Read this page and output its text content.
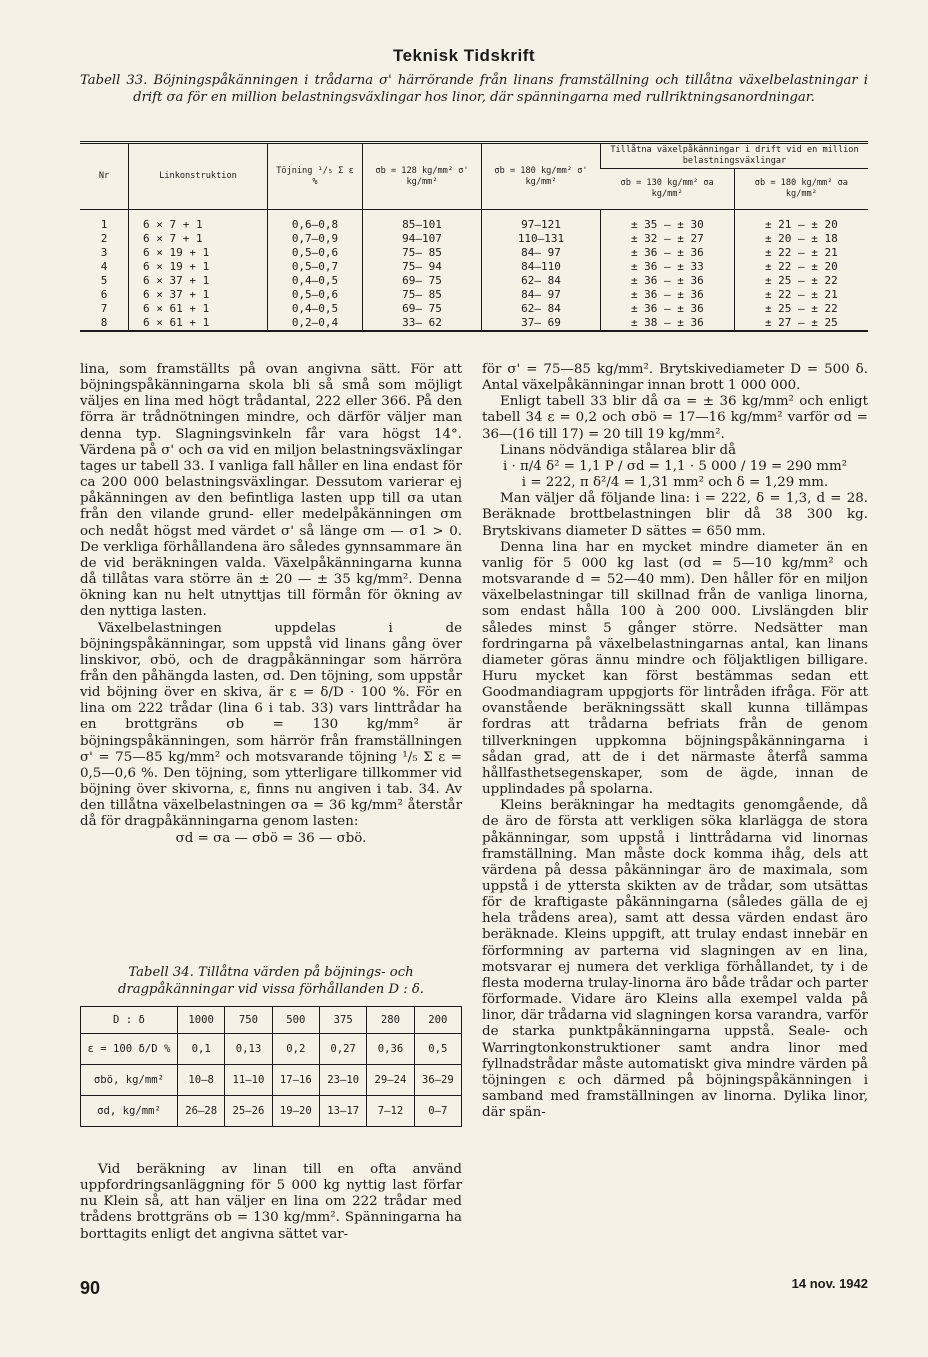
Teknisk Tidskrift
Tabell 33. Böjningspåkänningen i trådarna σ' härrörande från linans framställning och tillåtna växelbelastningar i drift σa för en million belastningsväxlingar hos linor, där spänningarna med rullriktningsanordningar.
Nr	Linkonstruktion	Töjning ¹/₅ Σ ε %	σb = 128 kg/mm² σ' kg/mm²	σb = 180 kg/mm² σ' kg/mm²	Tillåtna växelpåkänningar i drift vid en million belastningsväxlingar	
					σb = 130 kg/mm² σa kg/mm²	σb = 180 kg/mm² σa kg/mm²

1	6 × 7 + 1	0,6—0,8	85—101	97—121	± 35 — ± 30	± 21 — ± 20
2	6 × 7 + 1	0,7—0,9	94—107	110—131	± 32 — ± 27	± 20 — ± 18
3	6 × 19 + 1	0,5—0,6	75— 85	84— 97	± 36 — ± 36	± 22 — ± 21
4	6 × 19 + 1	0,5—0,7	75— 94	84—110	± 36 — ± 33	± 22 — ± 20
5	6 × 37 + 1	0,4—0,5	69— 75	62— 84	± 36 — ± 36	± 25 — ± 22
6	6 × 37 + 1	0,5—0,6	75— 85	84— 97	± 36 — ± 36	± 22 — ± 21
7	6 × 61 + 1	0,4—0,5	69— 75	62— 84	± 36 — ± 36	± 25 — ± 22
8	6 × 61 + 1	0,2—0,4	33— 62	37— 69	± 38 — ± 36	± 27 — ± 25

lina, som framställts på ovan angivna sätt. För att böjningspåkänningarna skola bli så små som möjligt väljes en lina med högt trådantal, 222 eller 366. På den förra är trådnötningen mindre, och därför väljer man denna typ. Slagningsvinkeln får vara högst 14°. Värdena på σ' och σa vid en miljon belastningsväxlingar tages ur tabell 33. I vanliga fall håller en lina endast för ca 200 000 belastningsväxlingar. Dessutom varierar ej påkänningen av den befintliga lasten upp till σa utan från den vilande grund- eller medelpåkänningen σm och nedåt högst med värdet σ' så länge σm — σ1 > 0. De verkliga förhållandena äro således gynnsammare än de vid beräkningen valda. Växelpåkänningarna kunna då tillåtas vara större än ± 20 — ± 35 kg/mm². Denna ökning kan nu helt utnyttjas till förmån för ökning av den nyttiga lasten.

Växelbelastningen uppdelas i de böjningspåkänningar, som uppstå vid linans gång över linskivor, σbö, och de dragpåkänningar som härröra från den påhängda lasten, σd. Den töjning, som uppstår vid böjning över en skiva, är ε = δ/D · 100 %. För en lina om 222 trådar (lina 6 i tab. 33) vars linttrådar ha en brottgräns σb = 130 kg/mm² är böjningspåkänningen, som härrör från framställningen σ' = 75—85 kg/mm² och motsvarande töjning ¹/₅ Σ ε = 0,5—0,6 %. Den töjning, som ytterligare tillkommer vid böjning över skivorna, ε, finns nu angiven i tab. 34. Av den tillåtna växelbelastningen σa = 36 kg/mm² återstår då för dragpåkänningarna genom lasten:

σd = σa — σbö = 36 — σbö.

Tabell 34. Tillåtna värden på böjnings- och dragpåkänningar vid vissa förhållanden D : δ.
D : δ	1000	750	500	375	280	200
ε = 100 δ/D %	0,1	0,13	0,2	0,27	0,36	0,5
σbö, kg/mm²	10—8	11—10	17—16	23—10	29—24	36—29
σd, kg/mm²	26—28	25—26	19—20	13—17	7—12	0—7

Vid beräkning av linan till en ofta använd uppfordringsanläggning för 5 000 kg nyttig last förfar nu Klein så, att han väljer en lina om 222 trådar med trådens brottgräns σb = 130 kg/mm². Spänningarna ha borttagits enligt det angivna sättet var-

för σ' = 75—85 kg/mm². Brytskivediameter D = 500 δ. Antal växelpåkänningar innan brott 1 000 000.

Enligt tabell 33 blir då σa = ± 36 kg/mm² och enligt tabell 34 ε = 0,2 och σbö = 17—16 kg/mm² varför σd = 36—(16 till 17) = 20 till 19 kg/mm².

Linans nödvändiga stålarea blir då

i · π/4 δ² = 1,1 P / σd = 1,1 · 5 000 / 19 = 290 mm²

i = 222, π δ²/4 = 1,31 mm² och δ = 1,29 mm.

Man väljer då följande lina: i = 222, δ = 1,3, d = 28. Beräknade brottbelastningen blir då 38 300 kg. Brytskivans diameter D sättes = 650 mm.

Denna lina har en mycket mindre diameter än en vanlig för 5 000 kg last (σd = 5—10 kg/mm² och motsvarande d = 52—40 mm). Den håller för en miljon växelbelastningar till skillnad från de vanliga linorna, som endast hålla 100 à 200 000. Livslängden blir således minst 5 gånger större. Nedsätter man fordringarna på växelbelastningarnas antal, kan linans diameter göras ännu mindre och följaktligen billigare. Huru mycket kan först bestämmas sedan ett Goodmandiagram uppgjorts för lintråden ifråga. För att ovanstående beräkningssätt skall kunna tillämpas fordras att trådarna befriats från de genom tillverkningen uppkomna böjningspåkänningarna i sådan grad, att de i det närmaste återfå samma hållfasthetsegenskaper, som de ägde, innan de upplindades på spolarna.

Kleins beräkningar ha medtagits genomgående, då de äro de första att verkligen söka klarlägga de stora påkänningar, som uppstå i linttrådarna vid linornas framställning. Man måste dock komma ihåg, dels att värdena på dessa påkänningar äro de maximala, som uppstå i de yttersta skikten av de trådar, som utsättas för de kraftigaste påkänningarna (således gälla de ej hela trådens area), samt att dessa värden endast äro beräknade. Kleins uppgift, att trulay endast innebär en förformning av parterna vid slagningen av en lina, motsvarar ej numera det verkliga förhållandet, ty i de flesta moderna trulay-linorna äro både trådar och parter förformade. Vidare äro Kleins alla exempel valda på linor, där trådarna vid slagningen korsa varandra, varför de starka punktpåkänningarna uppstå. Seale- och Warringtonkonstruktioner samt andra linor med fyllnadstrådar måste automatiskt giva mindre värden på töjningen ε och därmed på böjningspåkänningen i samband med framställningen av linorna. Dylika linor, där spän-

90	14 nov. 1942
